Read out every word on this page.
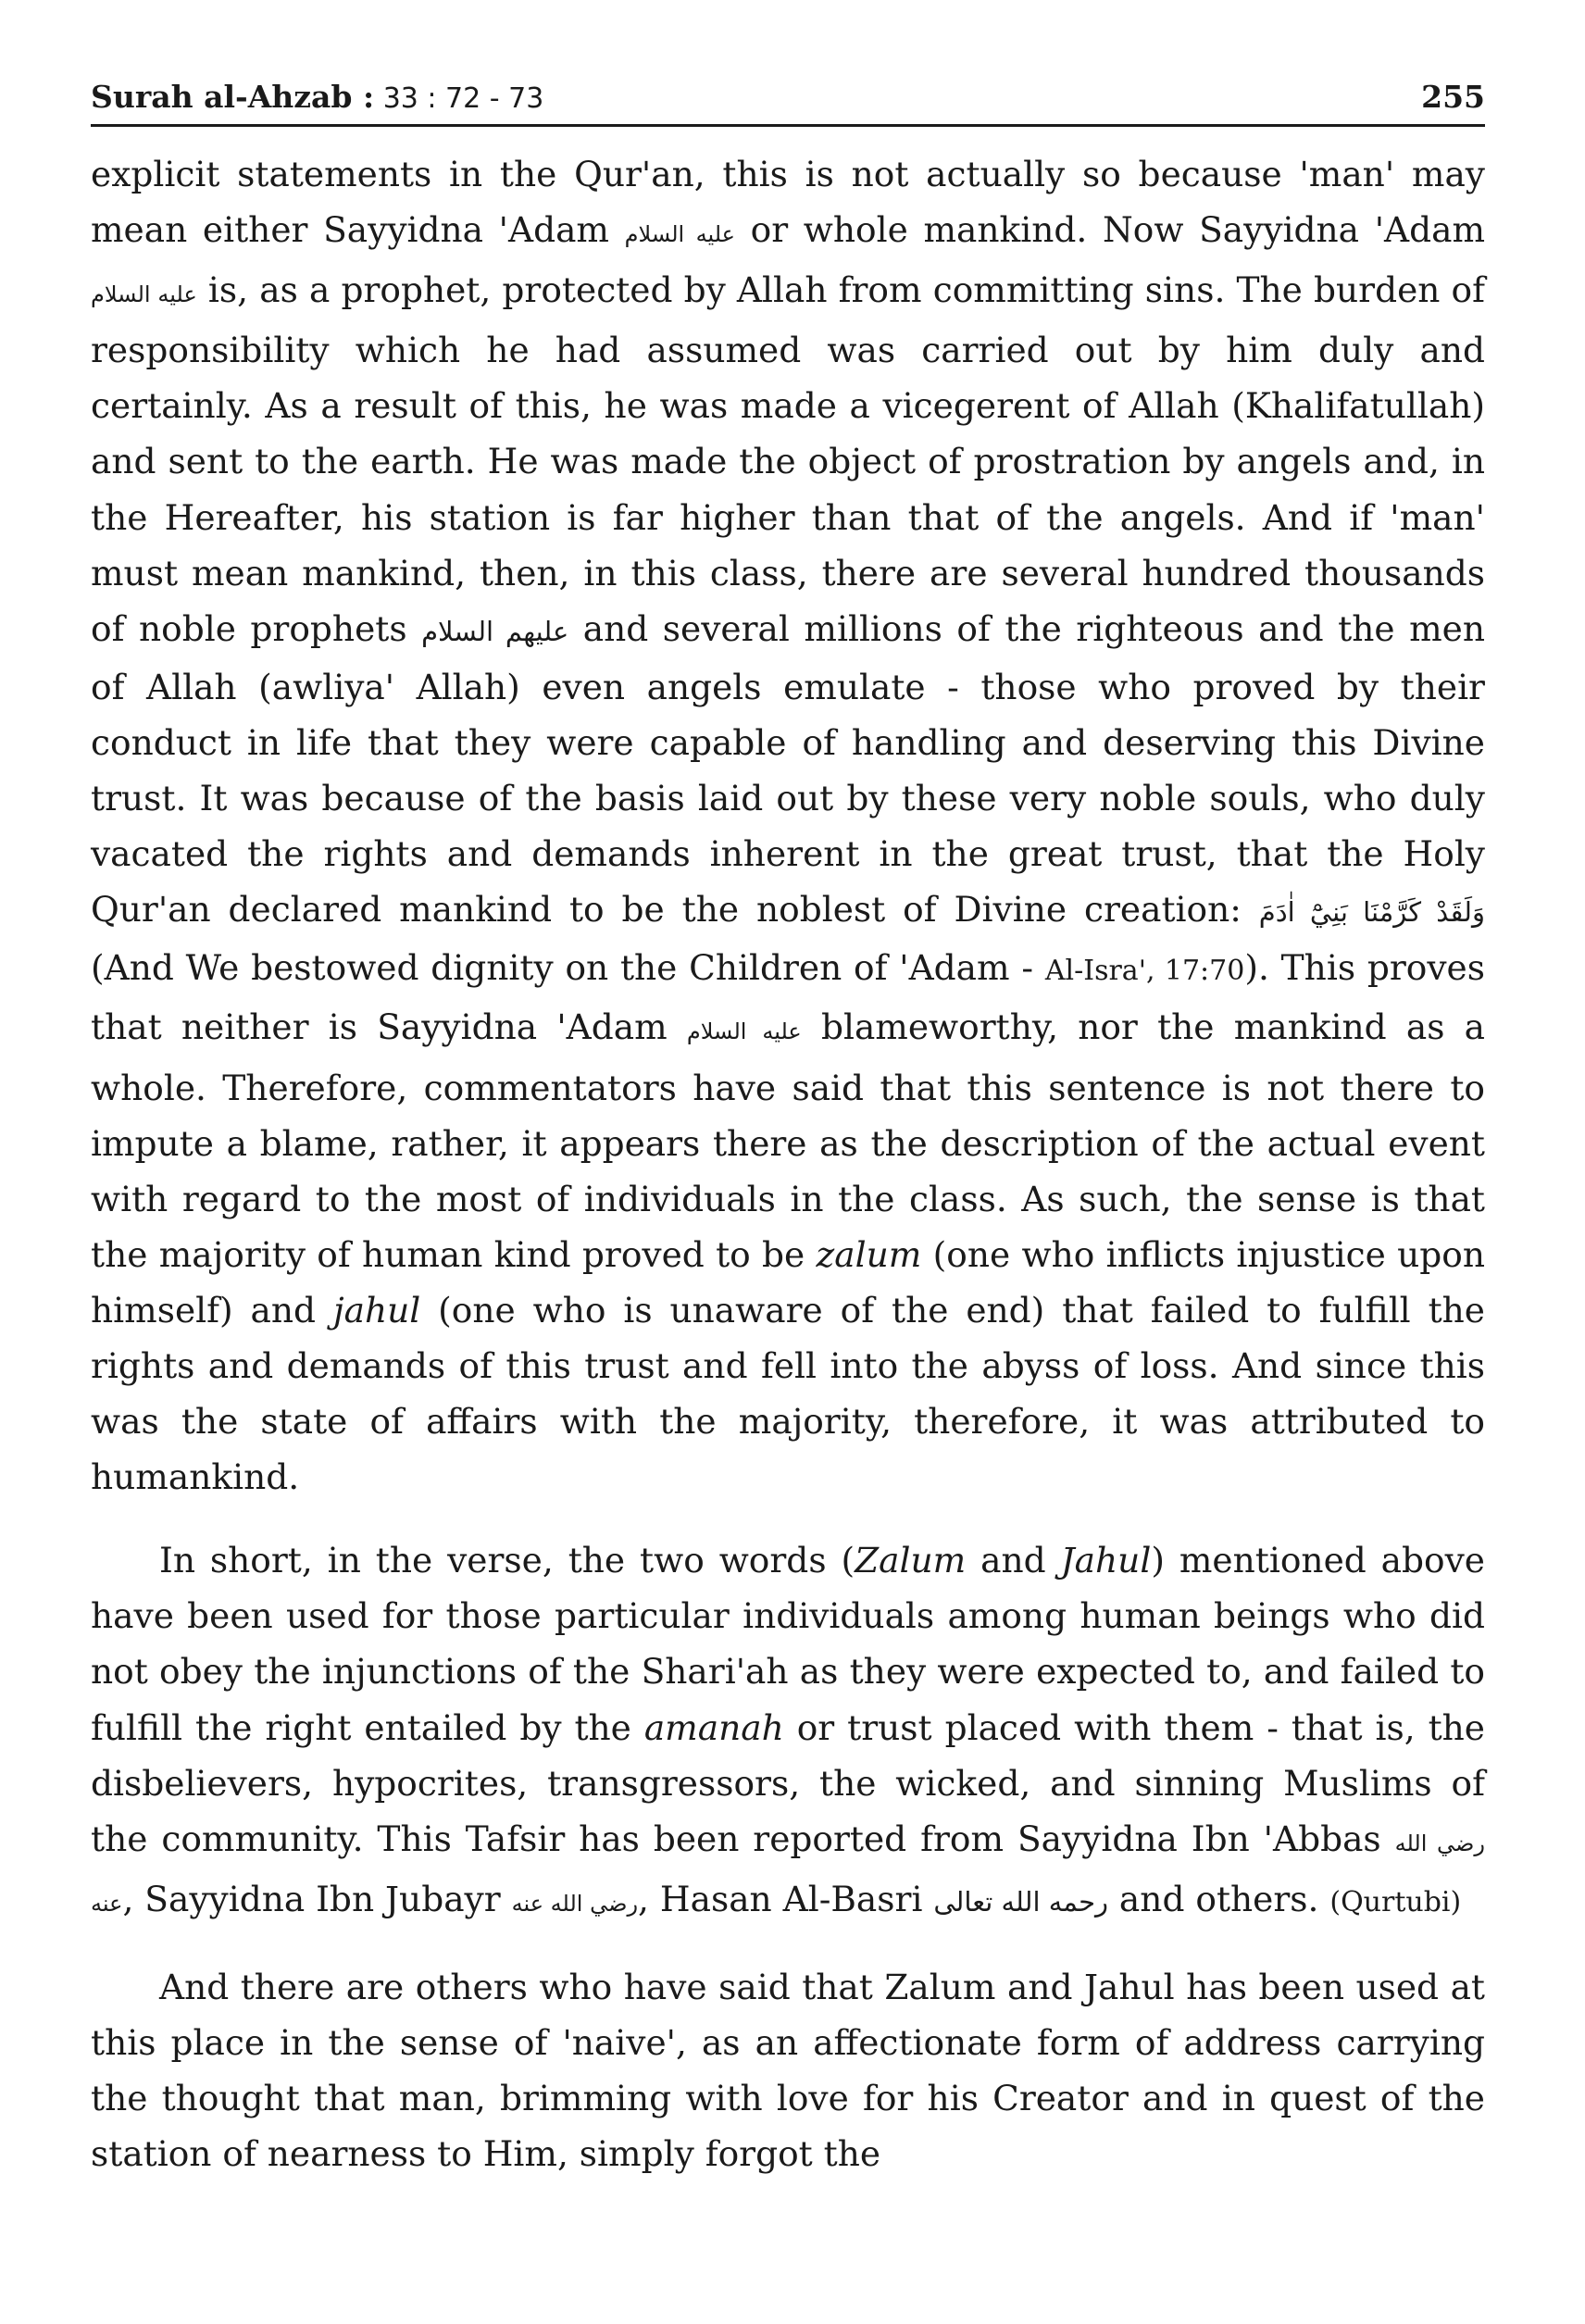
Surah al-Ahzab : 33 : 72 - 73	255

explicit statements in the Qur'an, this is not actually so because 'man' may mean either Sayyidna 'Adam عليه السلام or whole mankind. Now Sayyidna 'Adam عليه السلام is, as a prophet, protected by Allah from committing sins. The burden of responsibility which he had assumed was carried out by him duly and certainly. As a result of this, he was made a vicegerent of Allah (Khalifatullah) and sent to the earth. He was made the object of prostration by angels and, in the Hereafter, his station is far higher than that of the angels. And if 'man' must mean mankind, then, in this class, there are several hundred thousands of noble prophets عليهم السلام and several millions of the righteous and the men of Allah (awliya' Allah) even angels emulate - those who proved by their conduct in life that they were capable of handling and deserving this Divine trust. It was because of the basis laid out by these very noble souls, who duly vacated the rights and demands inherent in the great trust, that the Holy Qur'an declared mankind to be the noblest of Divine creation: وَلَقَدْ كَرَّمْنَا بَنِيْٓ اٰدَمَ (And We bestowed dignity on the Children of 'Adam - Al-Isra', 17:70). This proves that neither is Sayyidna 'Adam عليه السلام blameworthy, nor the mankind as a whole. Therefore, commentators have said that this sentence is not there to impute a blame, rather, it appears there as the description of the actual event with regard to the most of individuals in the class. As such, the sense is that the majority of human kind proved to be zalum (one who inflicts injustice upon himself) and jahul (one who is unaware of the end) that failed to fulfill the rights and demands of this trust and fell into the abyss of loss. And since this was the state of affairs with the majority, therefore, it was attributed to humankind.

In short, in the verse, the two words (Zalum and Jahul) mentioned above have been used for those particular individuals among human beings who did not obey the injunctions of the Shari'ah as they were expected to, and failed to fulfill the right entailed by the amanah or trust placed with them - that is, the disbelievers, hypocrites, transgressors, the wicked, and sinning Muslims of the community. This Tafsir has been reported from Sayyidna Ibn 'Abbas رضي الله عنه, Sayyidna Ibn Jubayr رضي الله عنه, Hasan Al-Basri رحمه الله تعالى and others. (Qurtubi)

And there are others who have said that Zalum and Jahul has been used at this place in the sense of 'naive', as an affectionate form of address carrying the thought that man, brimming with love for his Creator and in quest of the station of nearness to Him, simply forgot the
